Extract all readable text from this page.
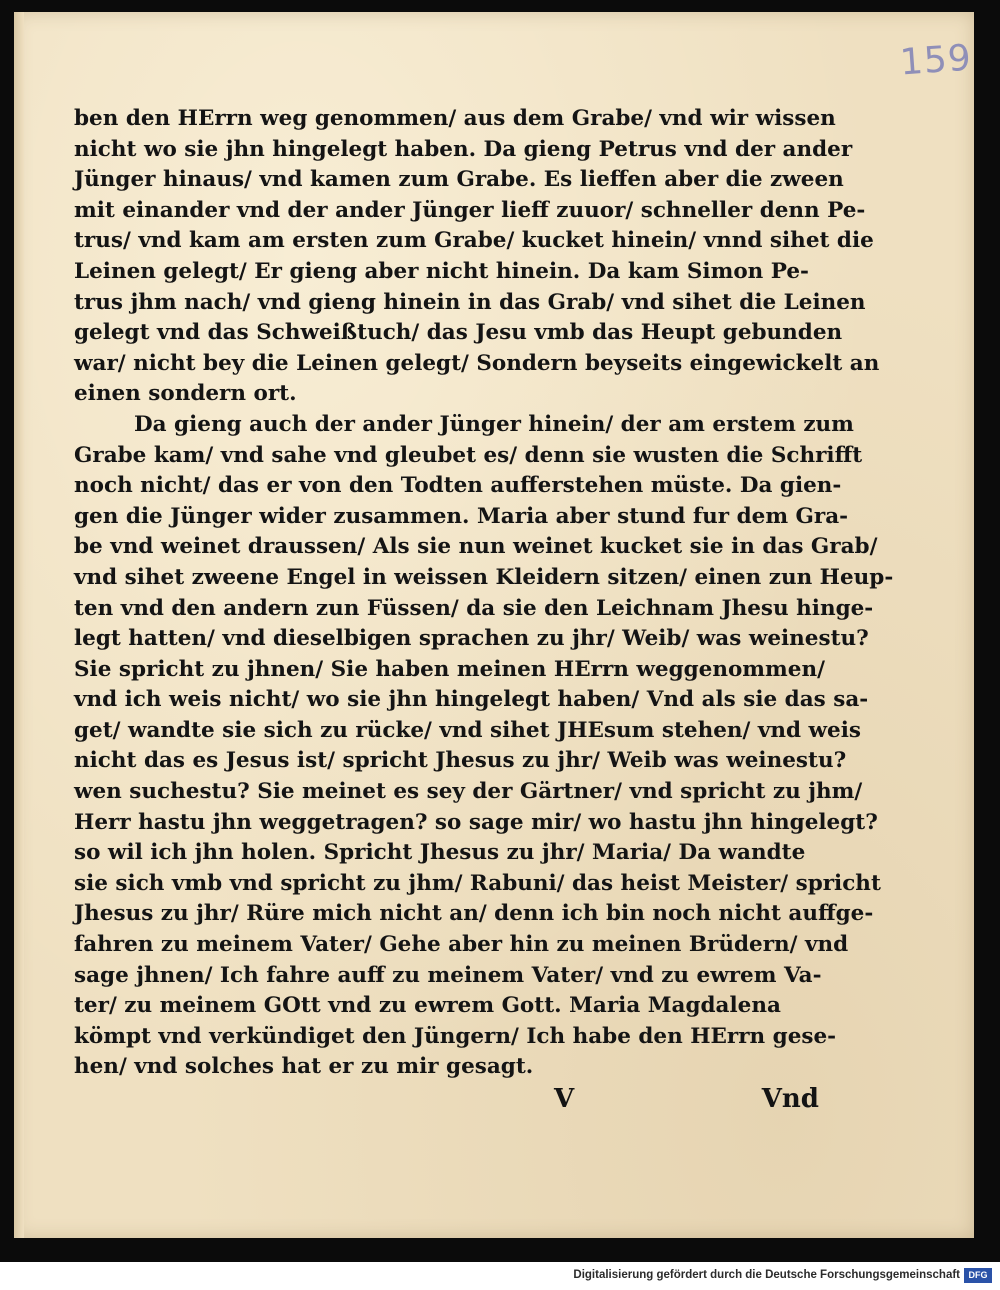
159
ben den HErrn weg genommen/ aus dem Grabe/ vnd wir wissen
nicht wo sie jhn hingelegt haben. Da gieng Petrus vnd der ander
Jünger hinaus/ vnd kamen zum Grabe. Es lieffen aber die zween
mit einander vnd der ander Jünger lieff zuuor/ schneller denn Pe-
trus/ vnd kam am ersten zum Grabe/ kucket hinein/ vnnd sihet die
Leinen gelegt/ Er gieng aber nicht hinein. Da kam Simon Pe-
trus jhm nach/ vnd gieng hinein in das Grab/ vnd sihet die Leinen
gelegt vnd das Schweißtuch/ das Jesu vmb das Heupt gebunden
war/ nicht bey die Leinen gelegt/ Sondern beyseits eingewickelt an
einen sondern ort.
Da gieng auch der ander Jünger hinein/ der am erstem zum
Grabe kam/ vnd sahe vnd gleubet es/ denn sie wusten die Schrifft
noch nicht/ das er von den Todten aufferstehen müste. Da gien-
gen die Jünger wider zusammen. Maria aber stund fur dem Gra-
be vnd weinet draussen/ Als sie nun weinet kucket sie in das Grab/
vnd sihet zweene Engel in weissen Kleidern sitzen/ einen zun Heup-
ten vnd den andern zun Füssen/ da sie den Leichnam Jhesu hinge-
legt hatten/ vnd dieselbigen sprachen zu jhr/ Weib/ was weinestu?
Sie spricht zu jhnen/ Sie haben meinen HErrn weggenommen/
vnd ich weis nicht/ wo sie jhn hingelegt haben/ Vnd als sie das sa-
get/ wandte sie sich zu rücke/ vnd sihet JHEsum stehen/ vnd weis
nicht das es Jesus ist/ spricht Jhesus zu jhr/ Weib was weinestu?
wen suchestu? Sie meinet es sey der Gärtner/ vnd spricht zu jhm/
Herr hastu jhn weggetragen? so sage mir/ wo hastu jhn hingelegt?
so wil ich jhn holen. Spricht Jhesus zu jhr/ Maria/ Da wandte
sie sich vmb vnd spricht zu jhm/ Rabuni/ das heist Meister/ spricht
Jhesus zu jhr/ Rüre mich nicht an/ denn ich bin noch nicht auffge-
fahren zu meinem Vater/ Gehe aber hin zu meinen Brüdern/ vnd
sage jhnen/ Ich fahre auff zu meinem Vater/ vnd zu ewrem Va-
ter/ zu meinem GOtt vnd zu ewrem Gott. Maria Magdalena
kömpt vnd verkündiget den Jüngern/ Ich habe den HErrn gese-
hen/ vnd solches hat er zu mir gesagt.
V	Vnd
Digitalisierung gefördert durch die Deutsche Forschungsgemeinschaft DFG
